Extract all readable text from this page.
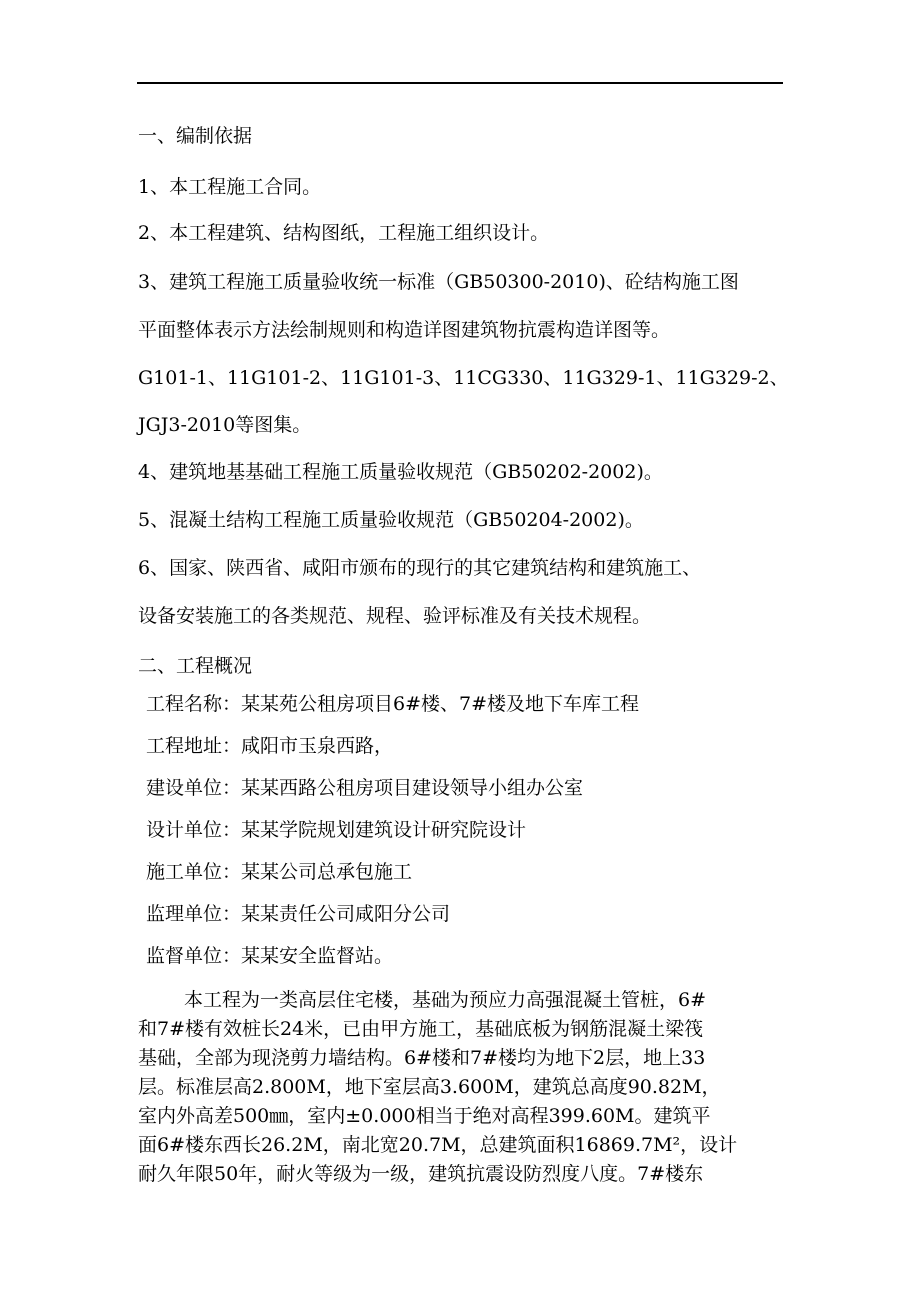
一、编制依据
1、本工程施工合同。
2、本工程建筑、结构图纸，工程施工组织设计。
3、建筑工程施工质量验收统一标准（GB50300-2010)、砼结构施工图
平面整体表示方法绘制规则和构造详图建筑物抗震构造详图等。
G101-1、11G101-2、11G101-3、11CG330、11G329-1、11G329-2、
JGJ3-2010等图集。
4、建筑地基基础工程施工质量验收规范（GB50202-2002)。
5、混凝土结构工程施工质量验收规范（GB50204-2002)。
6、国家、陕西省、咸阳市颁布的现行的其它建筑结构和建筑施工、
设备安装施工的各类规范、规程、验评标准及有关技术规程。
二、工程概况
工程名称：某某苑公租房项目6#楼、7#楼及地下车库工程
工程地址：咸阳市玉泉西路，
建设单位：某某西路公租房项目建设领导小组办公室
设计单位：某某学院规划建筑设计研究院设计
施工单位：某某公司总承包施工
监理单位：某某责任公司咸阳分公司
监督单位：某某安全监督站。
本工程为一类高层住宅楼，基础为预应力高强混凝土管桩，6#
和7#楼有效桩长24米，已由甲方施工，基础底板为钢筋混凝土梁筏
基础，全部为现浇剪力墙结构。6#楼和7#楼均为地下2层，地上33
层。标准层高2.800M，地下室层高3.600M，建筑总高度90.82M，
室内外高差500㎜，室内±0.000相当于绝对高程399.60M。建筑平
面6#楼东西长26.2M，南北宽20.7M，总建筑面积16869.7M²，设计
耐久年限50年，耐火等级为一级，建筑抗震设防烈度八度。7#楼东
